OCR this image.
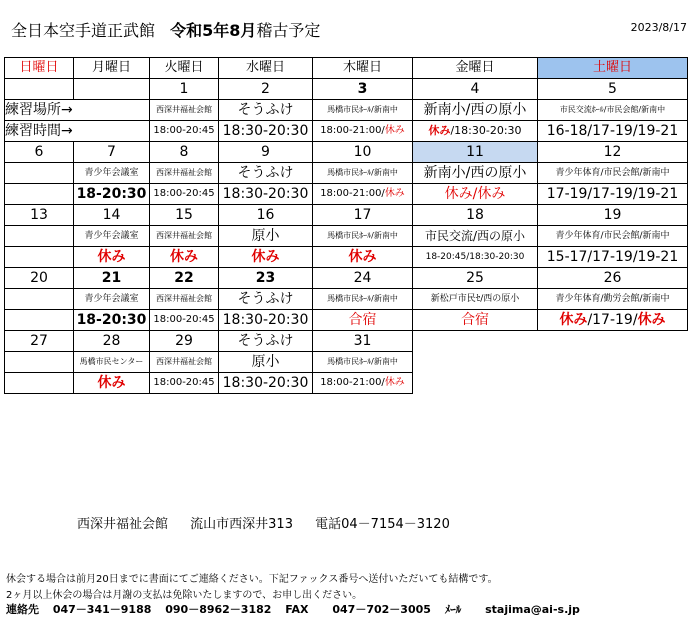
全日本空手道正武館 令和5年8月稽古予定	2023/8/17
日曜日	月曜日	火曜日	水曜日	木曜日	金曜日	土曜日
		1	2	3	4	5
練習場所→		西深井福祉会館	そうふけ	馬橋市民ﾎｰﾙ/新南中	新南小/西の原小	市民交流ﾎｰﾙ/市民会館/新南中
練習時間→		18:00-20:45	18:30-20:30	18:00-21:00/休み	休み/18:30-20:30	16-18/17-19/19-21
6	7	8	9	10	11	12
	青少年会議室	西深井福祉会館	そうふけ	馬橋市民ﾎｰﾙ/新南中	新南小/西の原小	青少年体育/市民会館/新南中
	18-20:30	18:00-20:45	18:30-20:30	18:00-21:00/休み	休み/休み	17-19/17-19/19-21
13	14	15	16	17	18	19
	青少年会議室	西深井福祉会館	原小	馬橋市民ﾎｰﾙ/新南中	市民交流/西の原小	青少年体育/市民会館/新南中
	休み	休み	休み	休み	18-20:45/18:30-20:30	15-17/17-19/19-21
20	21	22	23	24	25	26
	青少年会議室	西深井福祉会館	そうふけ	馬橋市民ﾎｰﾙ/新南中	新松戸市民ｾ/西の原小	青少年体育/勤労会館/新南中
	18-20:30	18:00-20:45	18:30-20:30	合宿	合宿	休み/17-19/休み
27	28	29	そうふけ	31		
	馬橋市民センター	西深井福祉会館	原小	馬橋市民ﾎｰﾙ/新南中		
	休み	18:00-20:45	18:30-20:30	18:00-21:00/休み		
西深井福祉会館 流山市西深井313 電話04－7154－3120
休会する場合は前月20日までに書面にてご連絡ください。下記ファックス番号へ送付いただいても結構です。
2ヶ月以上休会の場合は月謝の支払は免除いたしますので、お申し出ください。
連絡先 047－341－9188 090－8962－3182 FAX 047－702－3005 ﾒｰﾙ stajima@ai-s.jp
